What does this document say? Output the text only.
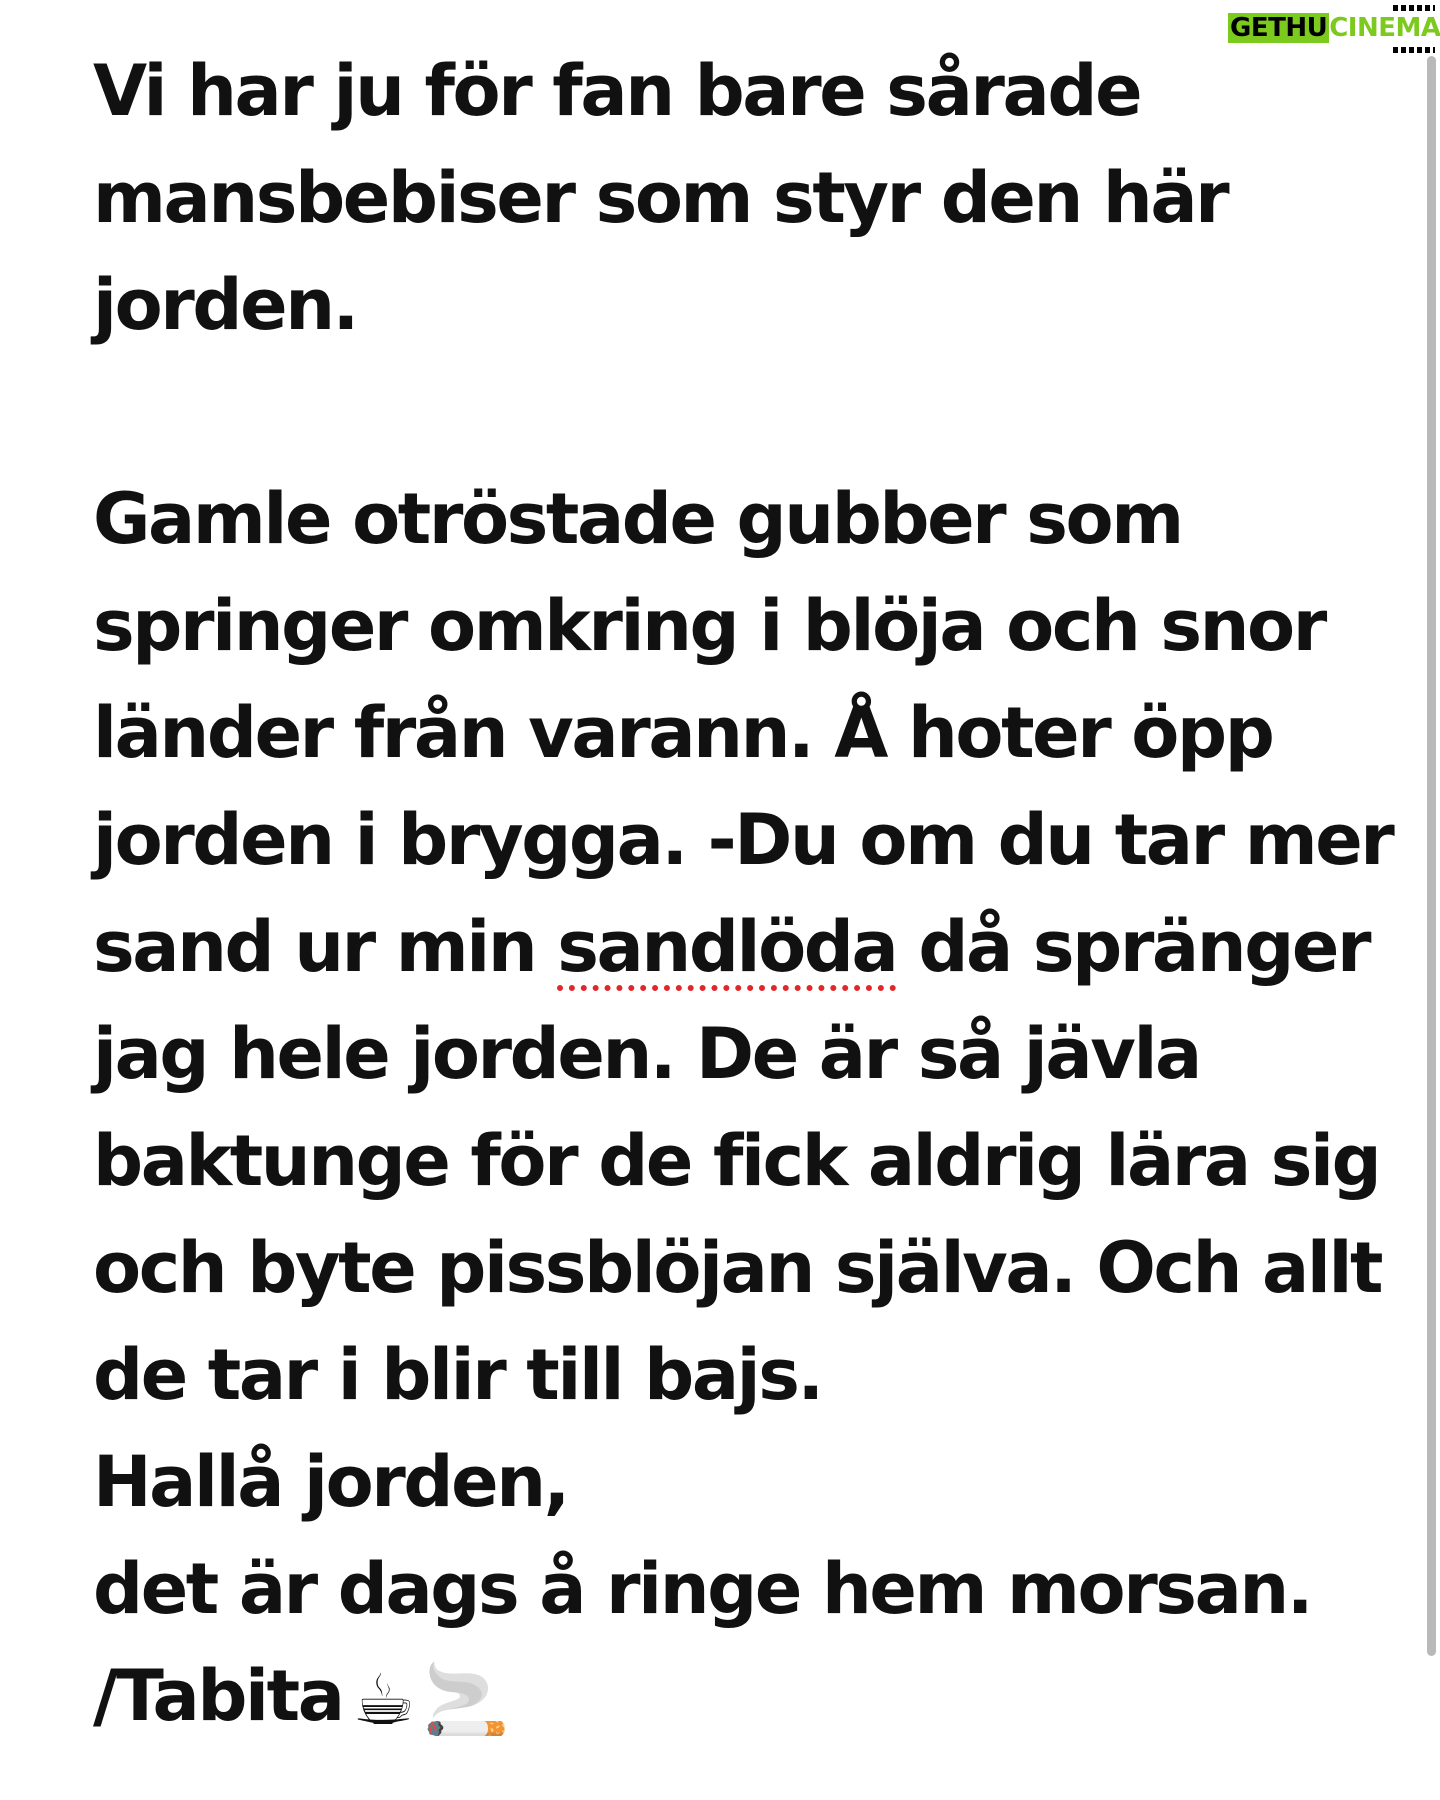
GETHUCINEMA
Vi har ju för fan bare sårade
mansbebiser som styr den här
jorden.
Gamle otröstade gubber som
springer omkring i blöja och snor
länder från varann. Å hoter öpp
jorden i brygga. -Du om du tar mer
sand ur min sandlöda då spränger
jag hele jorden. De är så jävla
baktunge för de fick aldrig lära sig
och byte pissblöjan själva. Och allt
de tar i blir till bajs.
Hallå jorden,
det är dags å ringe hem morsan.
/Tabita ☕ 🚬
